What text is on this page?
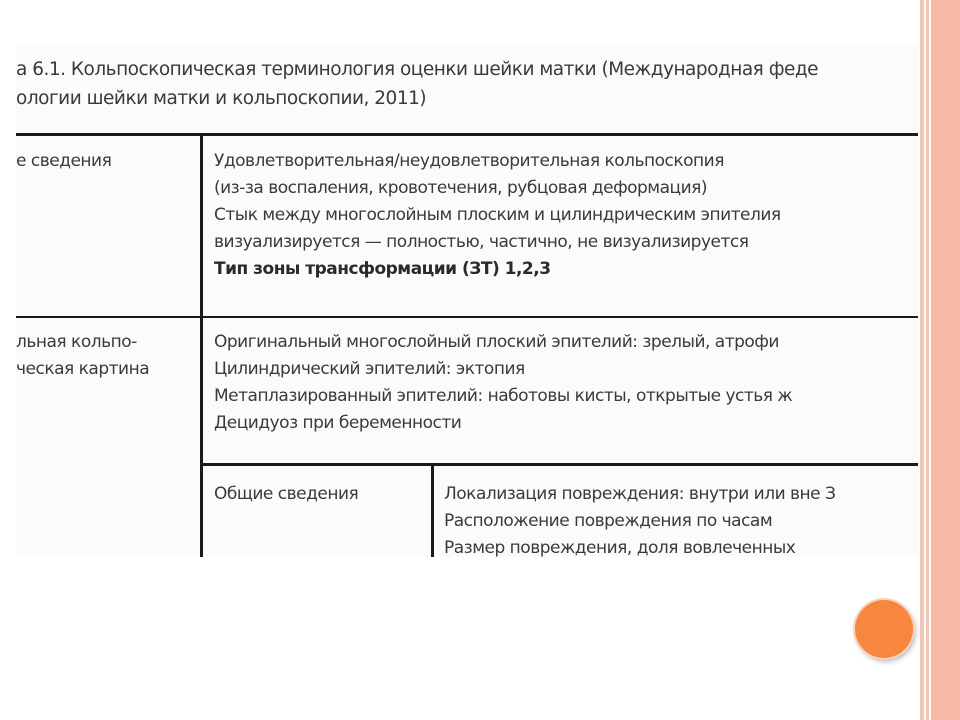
а 6.1. Кольпоскопическая терминология оценки шейки матки (Международная феде
ологии шейки матки и кольпоскопии, 2011)
е сведения	Удовлетворительная/неудовлетворительная кольпоскопия
(из-за воспаления, кровотечения, рубцовая деформация)
Стык между многослойным плоским и цилиндрическим эпителия
визуализируется — полностью, частично, не визуализируется
Тип зоны трансформации (ЗТ) 1,2,3
льная кольпо-
ческая картина
Оригинальный многослойный плоский эпителий: зрелый, атрофи
Цилиндрический эпителий: эктопия
Метаплазированный эпителий: наботовы кисты, открытые устья ж
Децидуоз при беременности
Общие сведения	Локализация повреждения: внутри или вне З
Расположение повреждения по часам
Размер повреждения, доля вовлеченных
